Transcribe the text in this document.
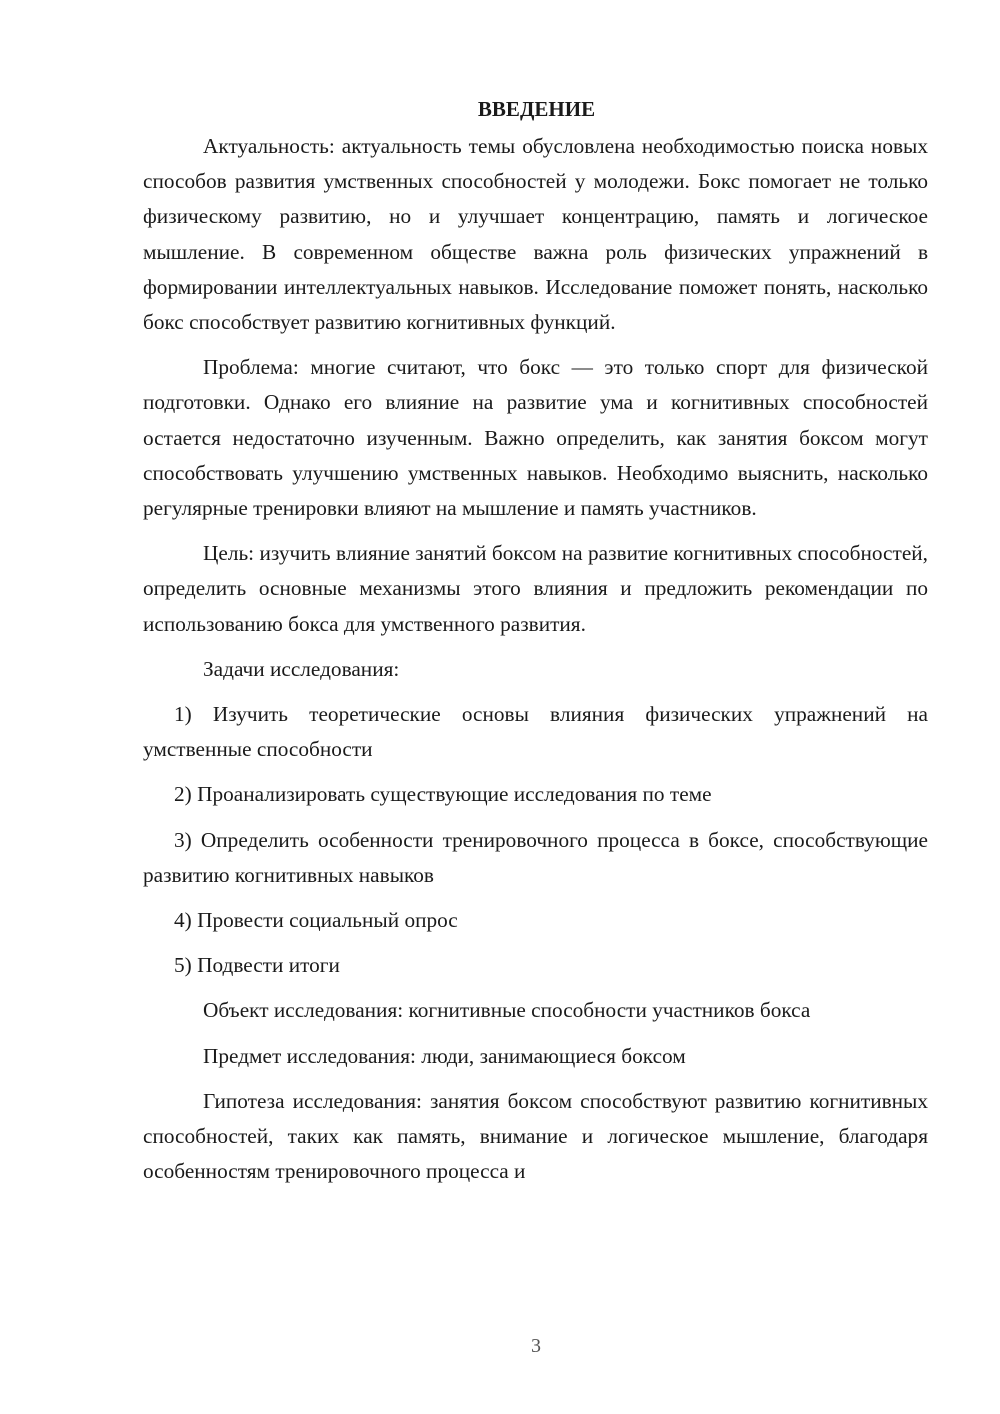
ВВЕДЕНИЕ

Актуальность: актуальность темы обусловлена необходимостью поиска новых способов развития умственных способностей у молодежи. Бокс помогает не только физическому развитию, но и улучшает концентрацию, память и логическое мышление. В современном обществе важна роль физических упражнений в формировании интеллектуальных навыков. Исследование поможет понять, насколько бокс способствует развитию когнитивных функций.

Проблема: многие считают, что бокс — это только спорт для физической подготовки. Однако его влияние на развитие ума и когнитивных способностей остается недостаточно изученным. Важно определить, как занятия боксом могут способствовать улучшению умственных навыков. Необходимо выяснить, насколько регулярные тренировки влияют на мышление и память участников.

Цель: изучить влияние занятий боксом на развитие когнитивных способностей, определить основные механизмы этого влияния и предложить рекомендации по использованию бокса для умственного развития.

Задачи исследования:

1) Изучить теоретические основы влияния физических упражнений на умственные способности

2) Проанализировать существующие исследования по теме

3) Определить особенности тренировочного процесса в боксе, способствующие развитию когнитивных навыков

4) Провести социальный опрос

5) Подвести итоги

Объект исследования: когнитивные способности участников бокса

Предмет исследования: люди, занимающиеся боксом

Гипотеза исследования: занятия боксом способствуют развитию когнитивных способностей, таких как память, внимание и логическое мышление, благодаря особенностям тренировочного процесса и

3
